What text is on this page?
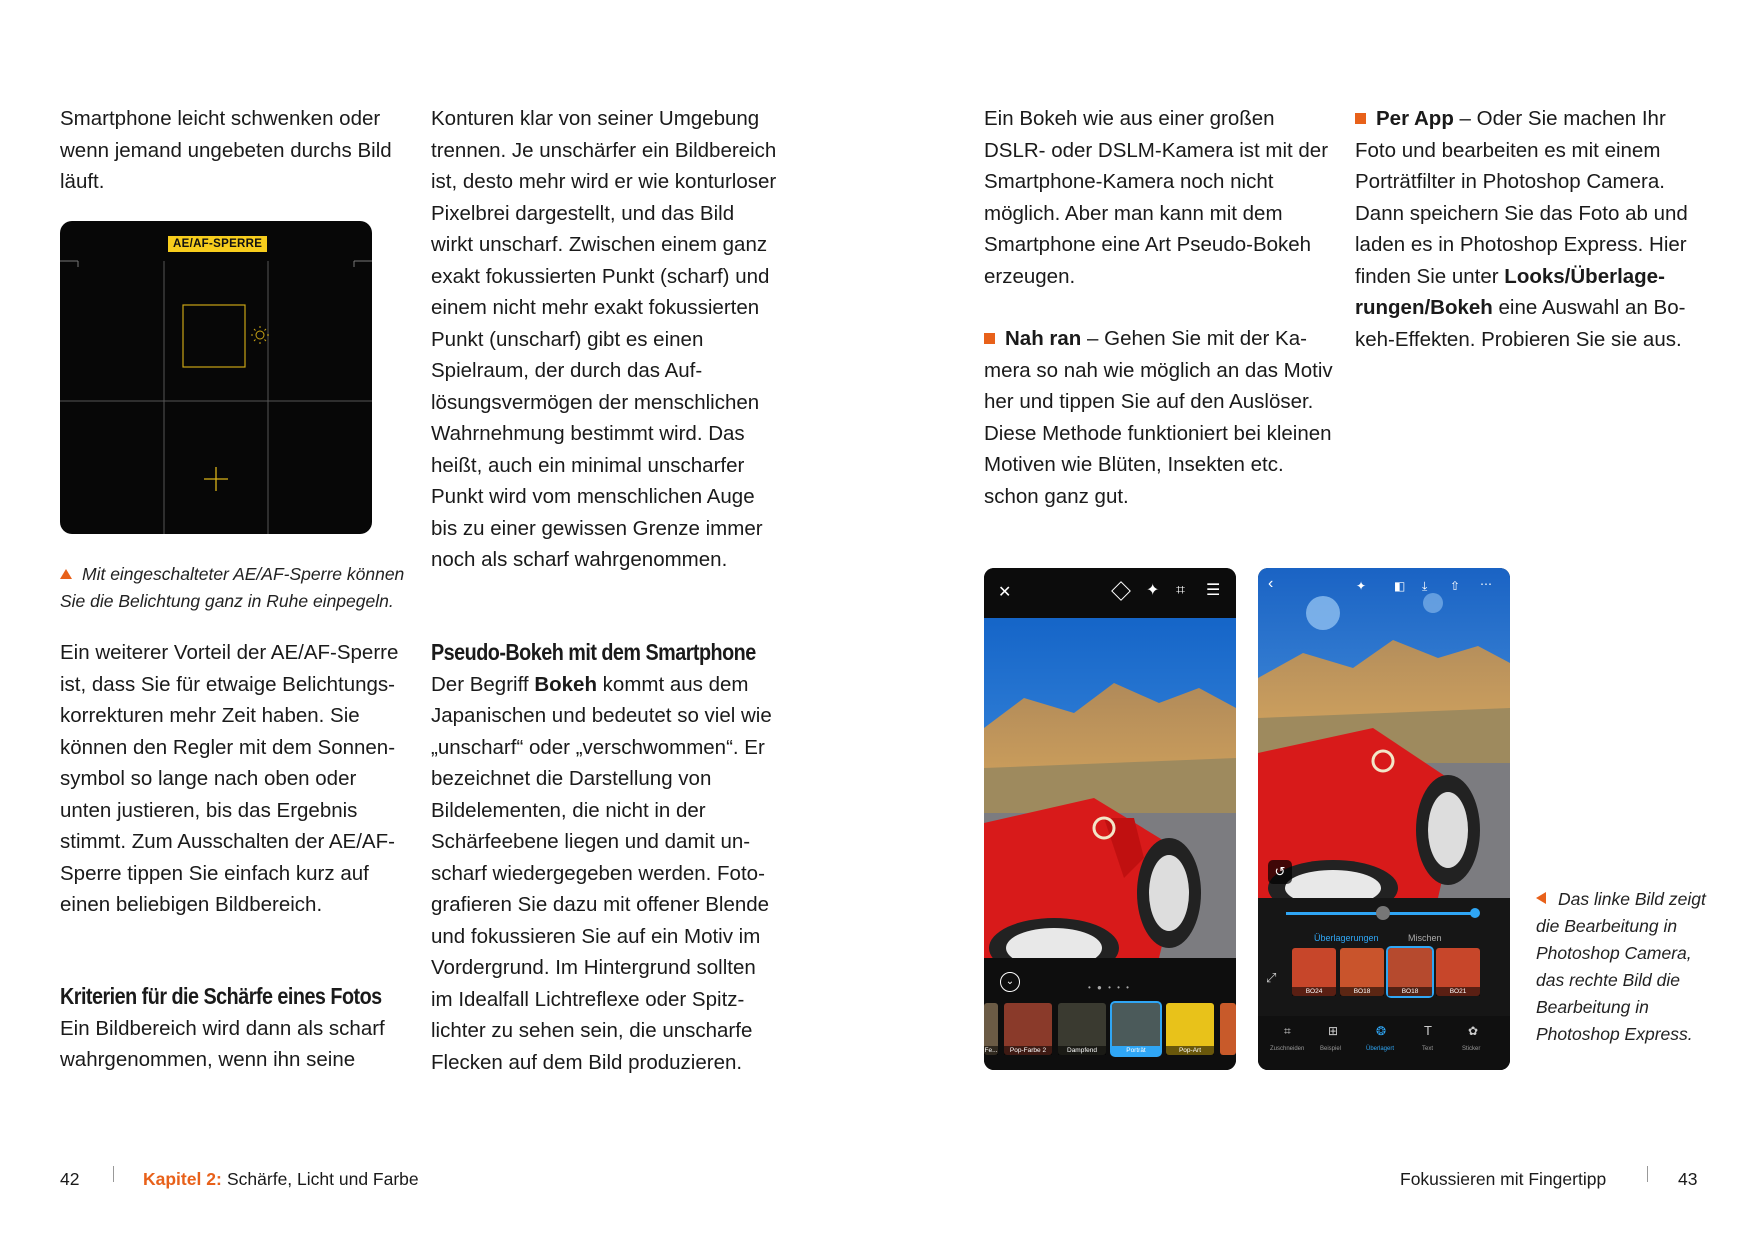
Smartphone leicht schwenken oder wenn jemand ungebeten durchs Bild läuft.

AE/AF-SPERRE
Mit eingeschalteter AE/AF-Sperre können Sie die Belichtung ganz in Ruhe einpegeln.

Ein weiterer Vorteil der AE/AF-Sperre ist, dass Sie für etwaige Belichtungskorrekturen mehr Zeit haben. Sie können den Regler mit dem Sonnensymbol so lange nach oben oder unten justieren, bis das Ergebnis stimmt. Zum Ausschalten der AE/AF-Sperre tippen Sie einfach kurz auf einen beliebigen Bildbereich.

Kriterien für die Schärfe eines Fotos

Ein Bildbereich wird dann als scharf wahrgenommen, wenn ihn seine

Konturen klar von seiner Umgebung trennen. Je unschärfer ein Bildbereich ist, desto mehr wird er wie konturloser Pixelbrei dargestellt, und das Bild wirkt unscharf. Zwischen einem ganz exakt fokussierten Punkt (scharf) und einem nicht mehr exakt fokussierten Punkt (unscharf) gibt es einen Spielraum, der durch das Auflösungsvermögen der menschlichen Wahrnehmung bestimmt wird. Das heißt, auch ein minimal unscharfer Punkt wird vom menschlichen Auge bis zu einer gewissen Grenze immer noch als scharf wahrgenommen.

Pseudo-Bokeh mit dem Smartphone

Der Begriff Bokeh kommt aus dem Japanischen und bedeutet so viel wie „unscharf“ oder „verschwommen“. Er bezeichnet die Darstellung von Bildelementen, die nicht in der Schärfeebene liegen und damit unscharf wiedergegeben werden. Fotografieren Sie dazu mit offener Blende und fokussieren Sie auf ein Motiv im Vordergrund. Im Hintergrund sollten im Idealfall Lichtreflexe oder Spitzlichter zu sehen sein, die unscharfe Flecken auf dem Bild produzieren.

Ein Bokeh wie aus einer großen DSLR- oder DSLM-Kamera ist mit der Smartphone-Kamera noch nicht möglich. Aber man kann mit dem Smartphone eine Art Pseudo-Bokeh erzeugen.

Nah ran – Gehen Sie mit der Kamera so nah wie möglich an das Motiv her und tippen Sie auf den Auslöser. Diese Methode funktioniert bei kleinen Motiven wie Blüten, Insekten etc. schon ganz gut.

Per App – Oder Sie machen Ihr Foto und bearbeiten es mit einem Porträtfilter in Photoshop Camera. Dann speichern Sie das Foto ab und laden es in Photoshop Express. Hier finden Sie unter Looks/Überlagerungen/Bokeh eine Auswahl an Bokeh-Effekten. Probieren Sie sie aus.

✕	✦ ⌗ ☰
⌄
• ● • • •
Fe...	Pop-Farbe 2	Dampfend	Porträt	Pop-Art
‹	✦ ◧ ⤓ ⇧ ⋯
↺
Überlagerungen	Mischen
⤢
BO24	BO18	BO18	BO21
⌗
Zuschneiden
⊞
Beispiel
❂
Überlagert
T
Text
✿
Sticker
Das linke Bild zeigt die Bearbeitung in Photoshop Camera, das rechte Bild die Bearbeitung in Photoshop Express.
42	Kapitel 2: Schärfe, Licht und Farbe	Fokussieren mit Fingertipp	43
